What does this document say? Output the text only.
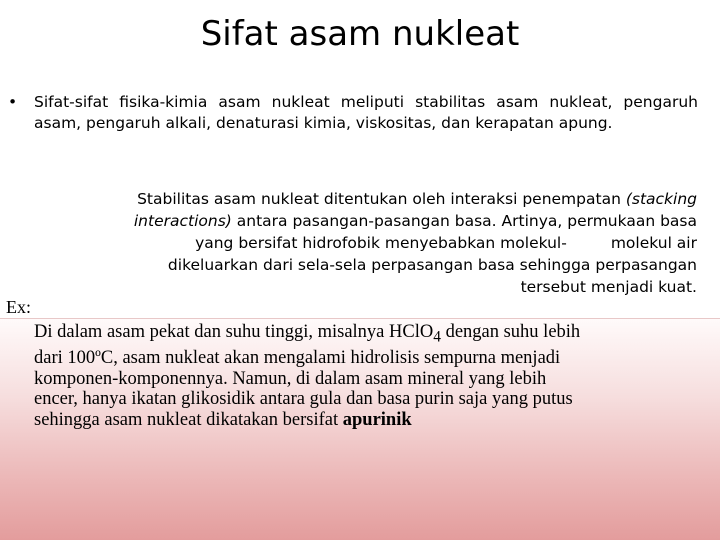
Sifat asam nukleat
• Sifat-sifat fisika-kimia asam nukleat meliputi stabilitas asam nukleat, pengaruh asam, pengaruh alkali, denaturasi kimia, viskositas, dan kerapatan apung.
Stabilitas asam nukleat ditentukan oleh interaksi penempatan (stacking
interactions) antara pasangan-pasangan basa. Artinya, permukaan basa
yang bersifat hidrofobik menyebabkan molekul-	molekul air
dikeluarkan dari sela-sela perpasangan basa sehingga perpasangan
tersebut menjadi kuat.
Ex:
Di dalam asam pekat dan suhu tinggi, misalnya HClO$_4$ dengan suhu lebih
dari 100ºC, asam nukleat akan mengalami hidrolisis sempurna menjadi
komponen-komponennya. Namun, di dalam asam mineral yang lebih
encer, hanya ikatan glikosidik antara gula dan basa purin saja yang putus
sehingga asam nukleat dikatakan bersifat apurinik
